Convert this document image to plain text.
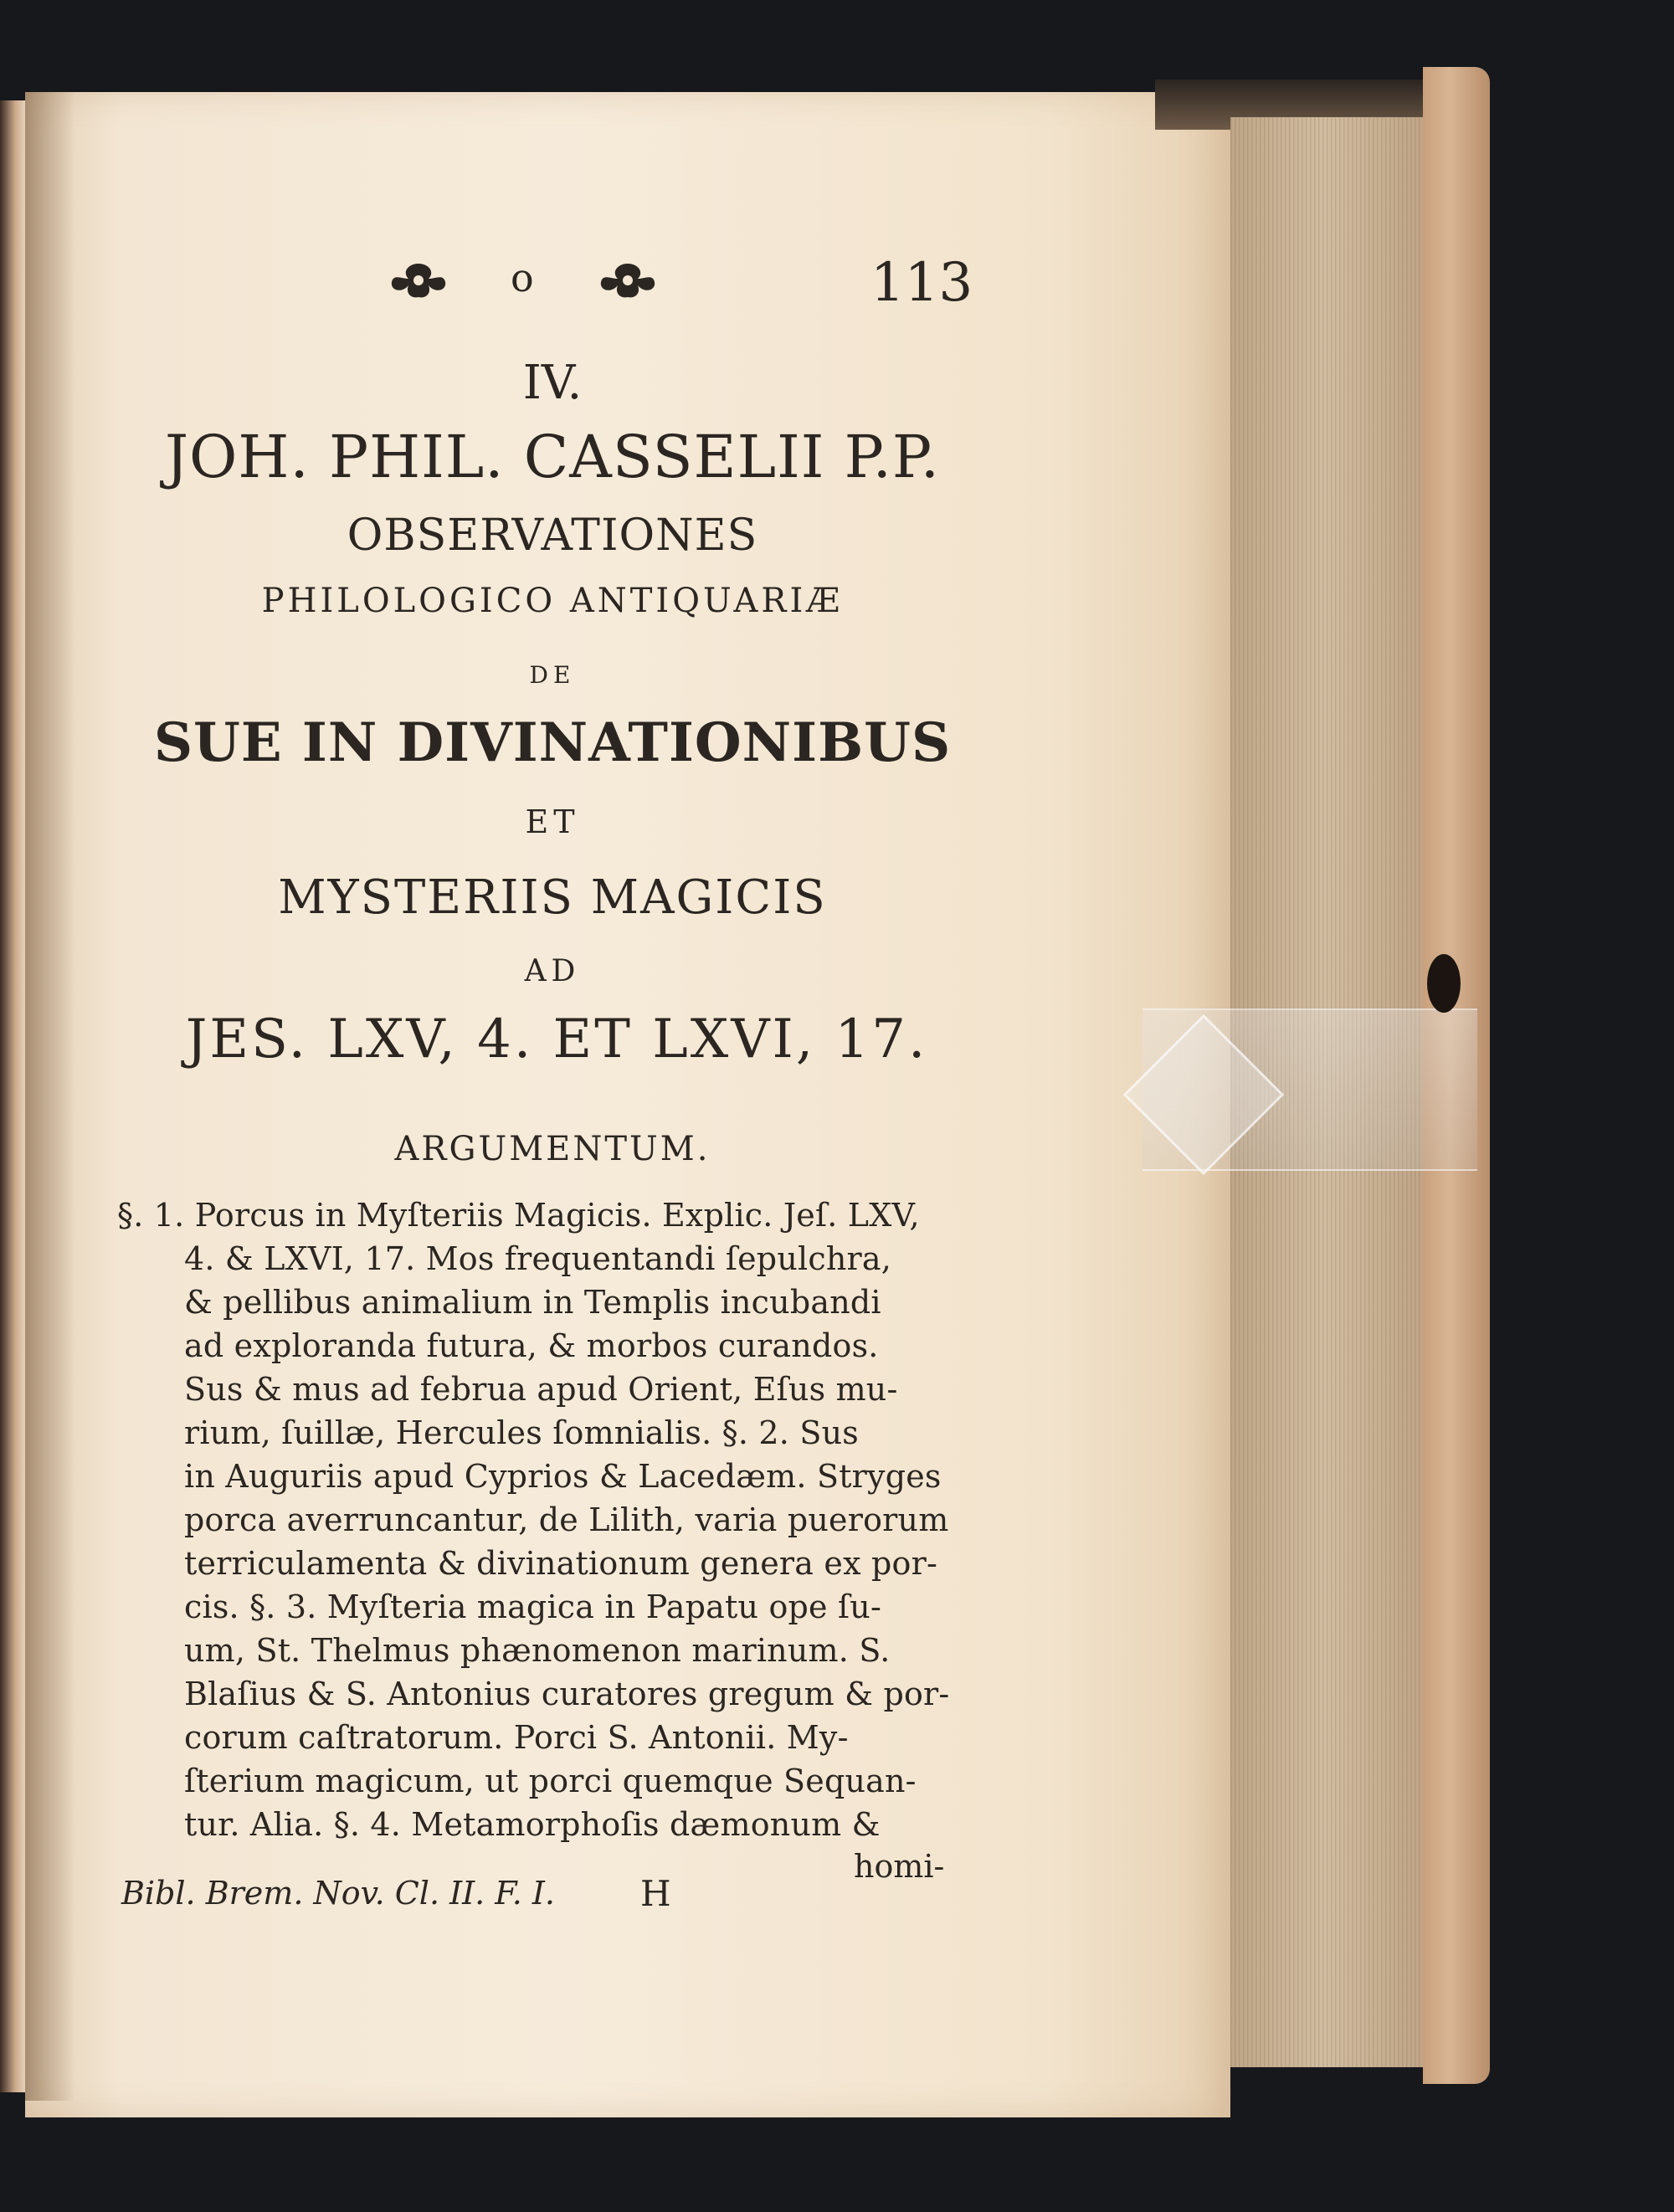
o	113
IV.
JOH. PHIL. CASSELII P.P.
OBSERVATIONES
PHILOLOGICO ANTIQUARIÆ
DE
SUE IN DIVINATIONIBUS
ET
MYSTERIIS MAGICIS
AD
JES. LXV, 4. ET LXVI, 17.
ARGUMENTUM.
§. 1. Porcus in Myſteriis Magicis. Explic. Jeſ. LXV,
4. & LXVI, 17. Mos frequentandi ſepulchra,
& pellibus animalium in Templis incubandi
ad exploranda futura, & morbos curandos.
Sus & mus ad februa apud Orient, Eſus mu-
rium, ſuillæ, Hercules ſomnialis. §. 2. Sus
in Auguriis apud Cyprios & Lacedæm. Stryges
porca averruncantur, de Lilith, varia puerorum
terriculamenta & divinationum genera ex por-
cis. §. 3. Myſteria magica in Papatu ope ſu-
um, St. Thelmus phænomenon marinum. S.
Blaſius & S. Antonius curatores gregum & por-
corum caſtratorum. Porci S. Antonii. My-
ſterium magicum, ut porci quemque Sequan-
tur. Alia. §. 4. Metamorphoſis dæmonum &
homi-
Bibl. Brem. Nov. Cl. II. F. I. H
